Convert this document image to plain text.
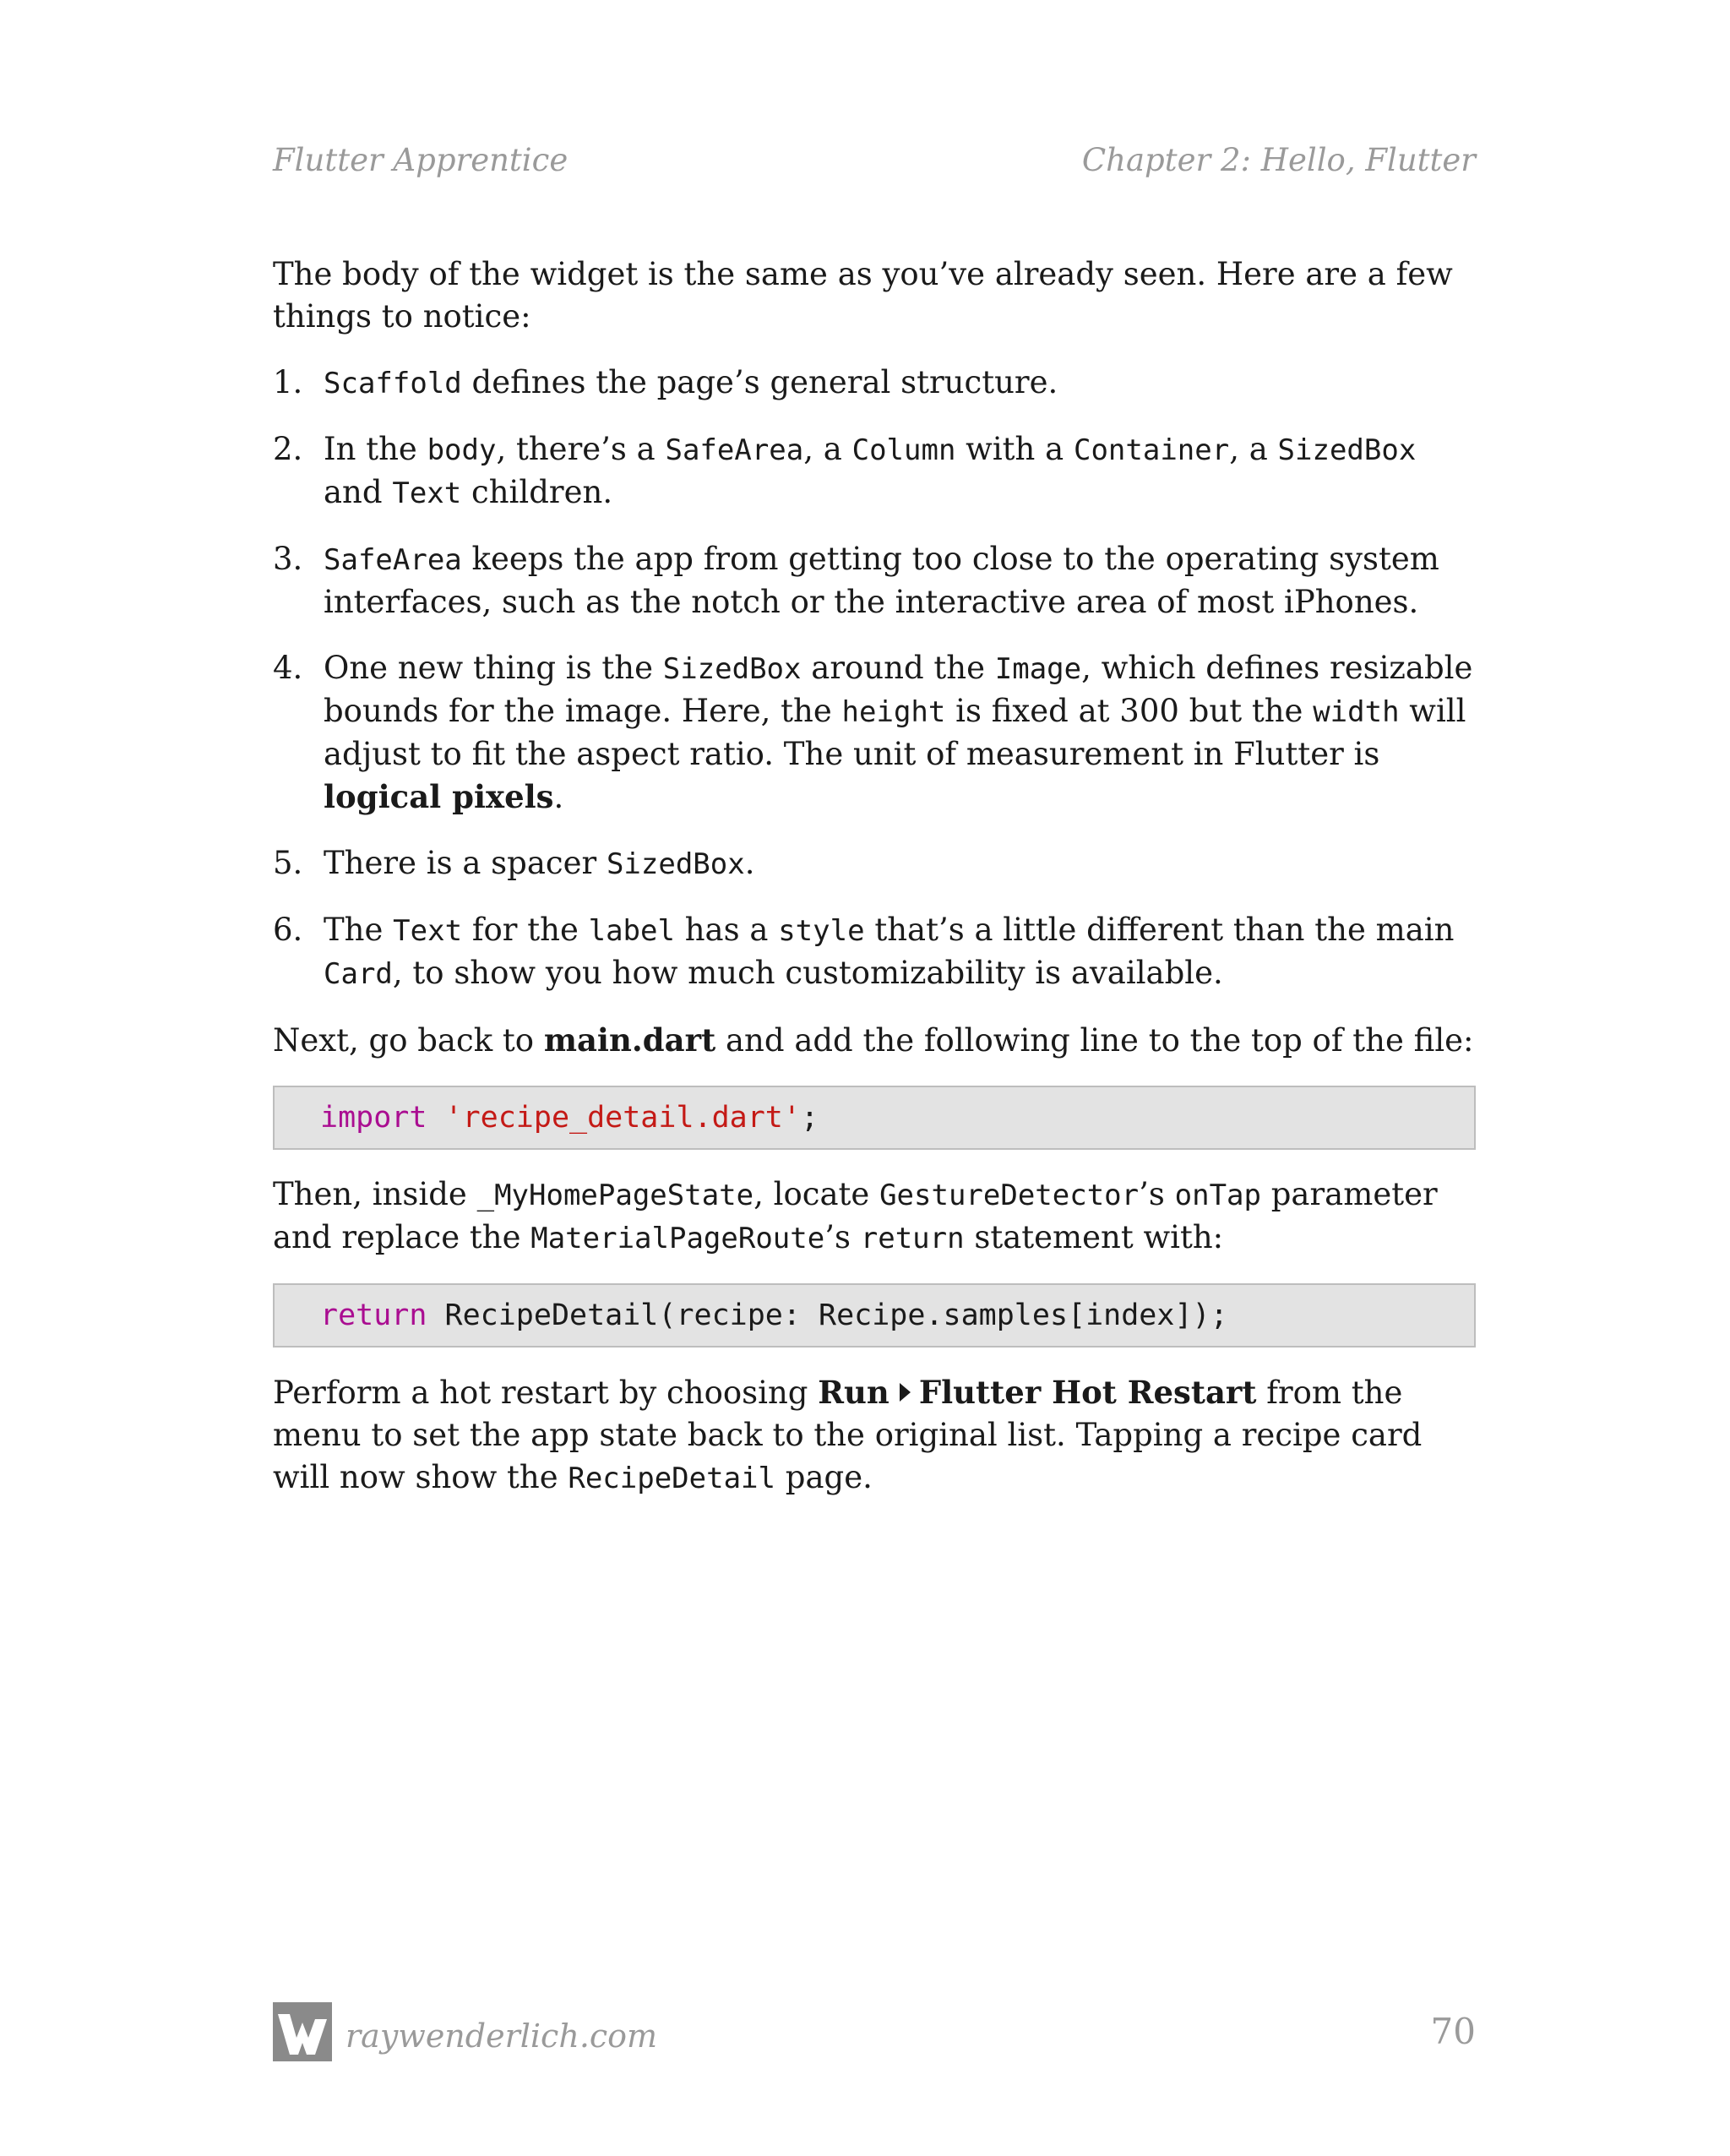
Flutter Apprentice	Chapter 2: Hello, Flutter

The body of the widget is the same as you’ve already seen. Here are a few things to notice:

1. Scaffold defines the page’s general structure.
2. In the body, there’s a SafeArea, a Column with a Container, a SizedBox and Text children.
3. SafeArea keeps the app from getting too close to the operating system interfaces, such as the notch or the interactive area of most iPhones.
4. One new thing is the SizedBox around the Image, which defines resizable bounds for the image. Here, the height is fixed at 300 but the width will adjust to fit the aspect ratio. The unit of measurement in Flutter is logical pixels.
5. There is a spacer SizedBox.
6. The Text for the label has a style that’s a little different than the main Card, to show you how much customizability is available.

Next, go back to main.dart and add the following line to the top of the file:

import 'recipe_detail.dart';

Then, inside _MyHomePageState, locate GestureDetector’s onTap parameter and replace the MaterialPageRoute’s return statement with:

return RecipeDetail(recipe: Recipe.samples[index]);

Perform a hot restart by choosing Run Flutter Hot Restart from the menu to set the app state back to the original list. Tapping a recipe card will now show the RecipeDetail page.

raywenderlich.com	70
